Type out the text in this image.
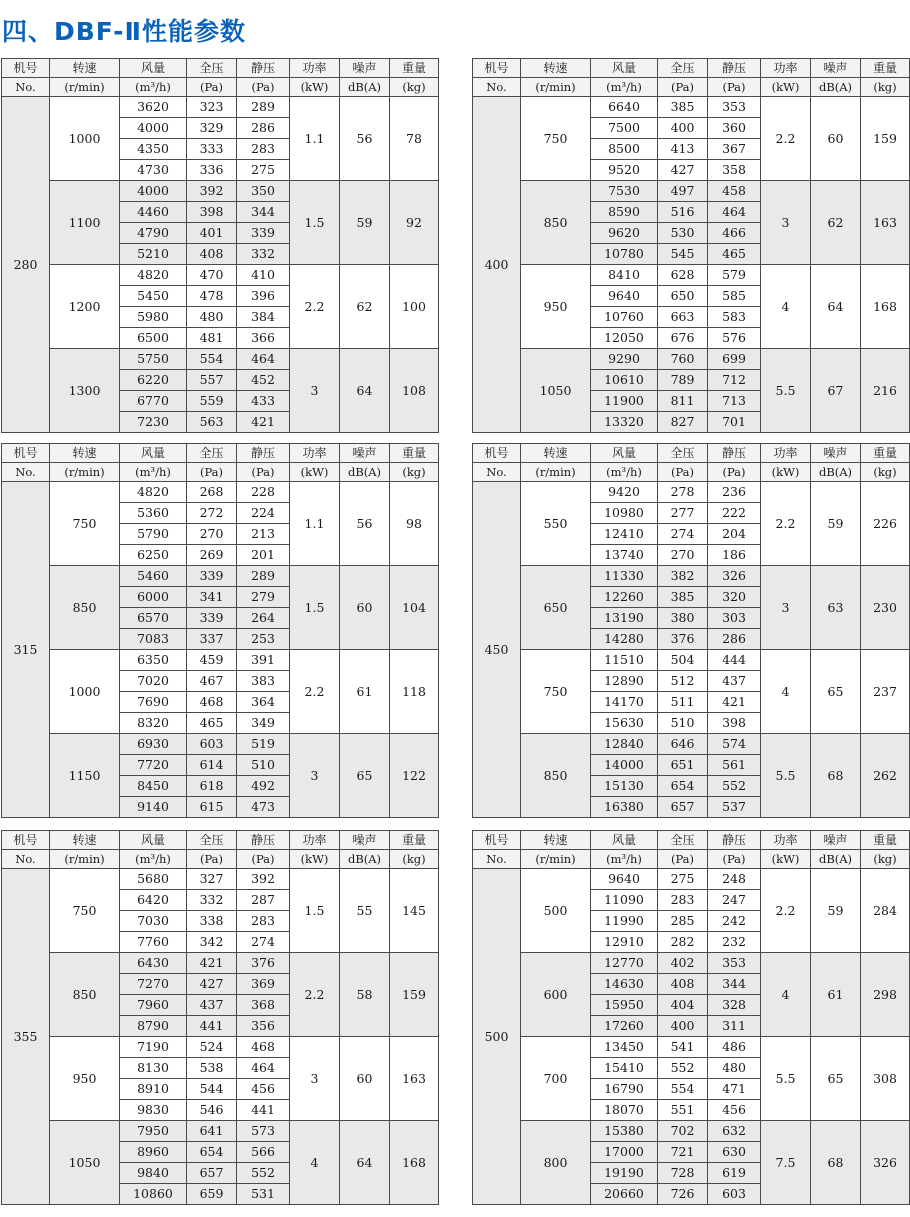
四、DBF-Ⅱ性能参数
机号	转速	风量	全压	静压	功率	噪声	重量
No.	(r/min)	(m³/h)	(Pa)	(Pa)	(kW)	dB(A)	(kg)
280	1000	3620	323	289	1.1	56	78
		4000	329	286			
		4350	333	283			
		4730	336	275			
	1100	4000	392	350	1.5	59	92
		4460	398	344			
		4790	401	339			
		5210	408	332			
	1200	4820	470	410	2.2	62	100
		5450	478	396			
		5980	480	384			
		6500	481	366			
	1300	5750	554	464	3	64	108
		6220	557	452			
		6770	559	433			
		7230	563	421			
机号	转速	风量	全压	静压	功率	噪声	重量
No.	(r/min)	(m³/h)	(Pa)	(Pa)	(kW)	dB(A)	(kg)
400	750	6640	385	353	2.2	60	159
		7500	400	360			
		8500	413	367			
		9520	427	358			
	850	7530	497	458	3	62	163
		8590	516	464			
		9620	530	466			
		10780	545	465			
	950	8410	628	579	4	64	168
		9640	650	585			
		10760	663	583			
		12050	676	576			
	1050	9290	760	699	5.5	67	216
		10610	789	712			
		11900	811	713			
		13320	827	701			
机号	转速	风量	全压	静压	功率	噪声	重量
No.	(r/min)	(m³/h)	(Pa)	(Pa)	(kW)	dB(A)	(kg)
315	750	4820	268	228	1.1	56	98
		5360	272	224			
		5790	270	213			
		6250	269	201			
	850	5460	339	289	1.5	60	104
		6000	341	279			
		6570	339	264			
		7083	337	253			
	1000	6350	459	391	2.2	61	118
		7020	467	383			
		7690	468	364			
		8320	465	349			
	1150	6930	603	519	3	65	122
		7720	614	510			
		8450	618	492			
		9140	615	473			
机号	转速	风量	全压	静压	功率	噪声	重量
No.	(r/min)	(m³/h)	(Pa)	(Pa)	(kW)	dB(A)	(kg)
450	550	9420	278	236	2.2	59	226
		10980	277	222			
		12410	274	204			
		13740	270	186			
	650	11330	382	326	3	63	230
		12260	385	320			
		13190	380	303			
		14280	376	286			
	750	11510	504	444	4	65	237
		12890	512	437			
		14170	511	421			
		15630	510	398			
	850	12840	646	574	5.5	68	262
		14000	651	561			
		15130	654	552			
		16380	657	537			
机号	转速	风量	全压	静压	功率	噪声	重量
No.	(r/min)	(m³/h)	(Pa)	(Pa)	(kW)	dB(A)	(kg)
355	750	5680	327	392	1.5	55	145
		6420	332	287			
		7030	338	283			
		7760	342	274			
	850	6430	421	376	2.2	58	159
		7270	427	369			
		7960	437	368			
		8790	441	356			
	950	7190	524	468	3	60	163
		8130	538	464			
		8910	544	456			
		9830	546	441			
	1050	7950	641	573	4	64	168
		8960	654	566			
		9840	657	552			
		10860	659	531			
机号	转速	风量	全压	静压	功率	噪声	重量
No.	(r/min)	(m³/h)	(Pa)	(Pa)	(kW)	dB(A)	(kg)
500	500	9640	275	248	2.2	59	284
		11090	283	247			
		11990	285	242			
		12910	282	232			
	600	12770	402	353	4	61	298
		14630	408	344			
		15950	404	328			
		17260	400	311			
	700	13450	541	486	5.5	65	308
		15410	552	480			
		16790	554	471			
		18070	551	456			
	800	15380	702	632	7.5	68	326
		17000	721	630			
		19190	728	619			
		20660	726	603			
